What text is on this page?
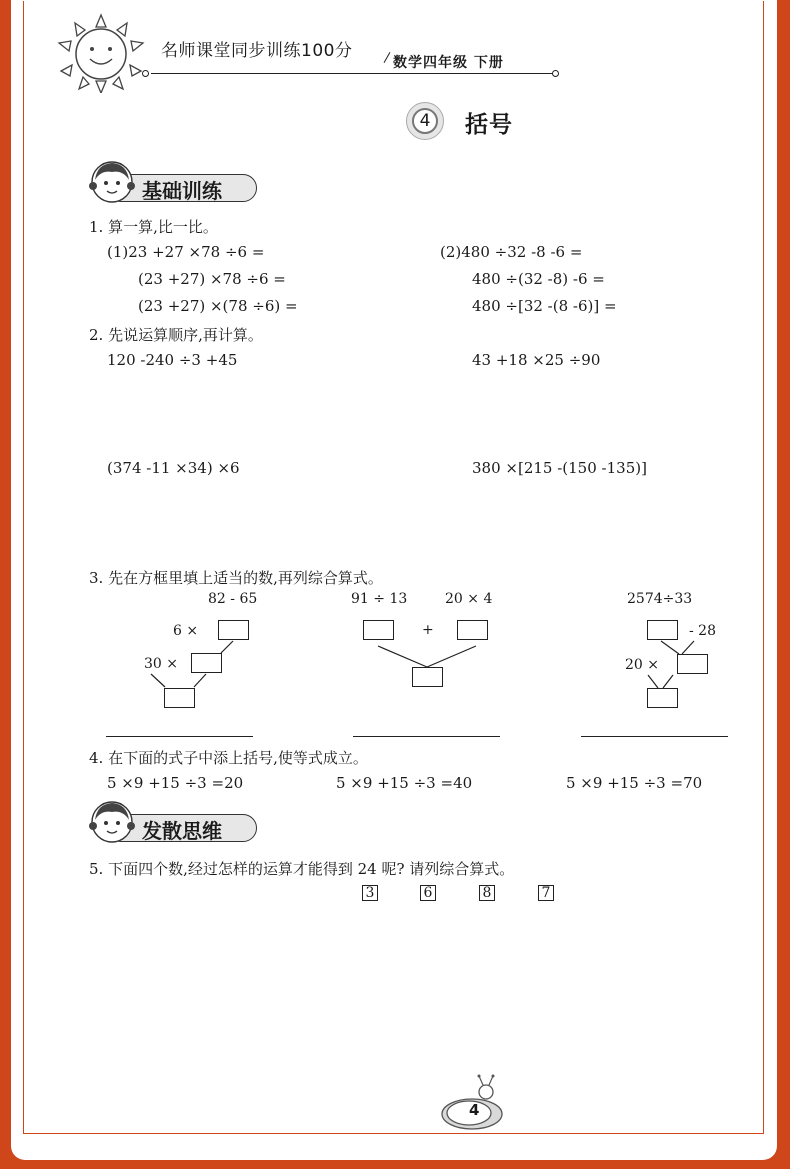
名师课堂同步训练100分
数学四年级 下册
4	括号
基础训练
1. 算一算,比一比。
(1)23 +27 ×78 ÷6 =
(23 +27) ×78 ÷6 =
(23 +27) ×(78 ÷6) =
(2)480 ÷32 -8 -6 =
480 ÷(32 -8) -6 =
480 ÷[32 -(8 -6)] =
2. 先说运算顺序,再计算。
120 -240 ÷3 +45	43 +18 ×25 ÷90
(374 -11 ×34) ×6	380 ×[215 -(150 -135)]
3. 先在方框里填上适当的数,再列综合算式。
82 - 65
6 ×
30 ×
91 ÷ 13	20 × 4
+
2574÷33
- 28
20 ×
4. 在下面的式子中添上括号,使等式成立。
5 ×9 +15 ÷3 =20	5 ×9 +15 ÷3 =40	5 ×9 +15 ÷3 =70
发散思维
5. 下面四个数,经过怎样的运算才能得到 24 呢? 请列综合算式。
3	6	8	7
4
